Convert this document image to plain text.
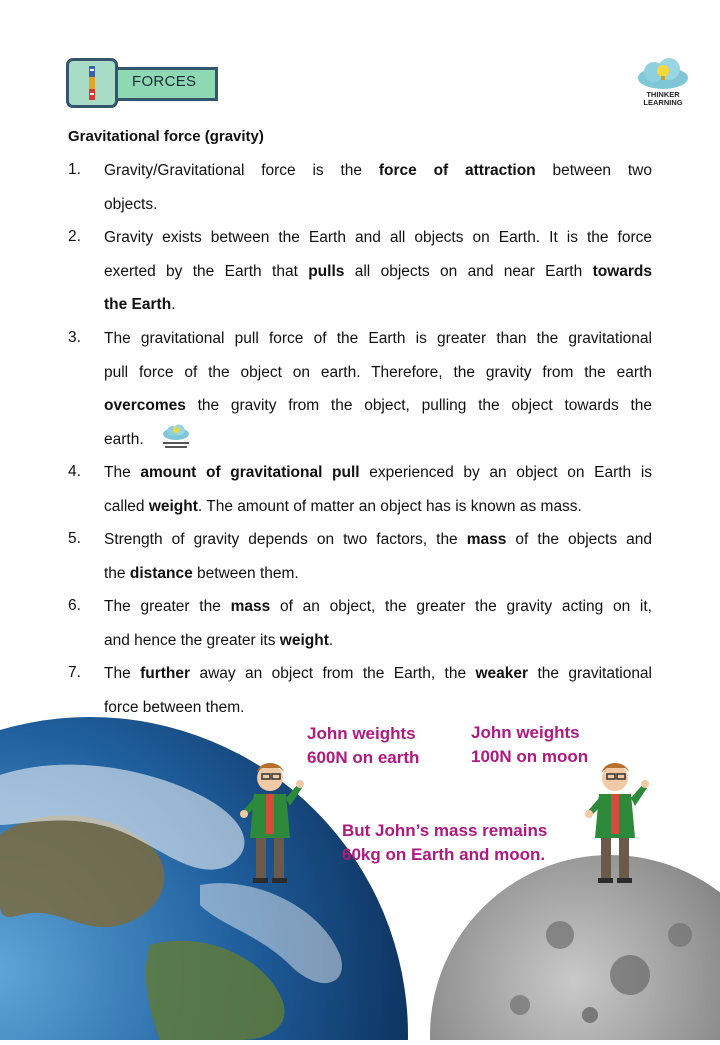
FORCES
THINKER
LEARNING
Gravitational force (gravity)
1. Gravity/Gravitational force is the force of attraction between two
objects.
2. Gravity exists between the Earth and all objects on Earth. It is the force
exerted by the Earth that pulls all objects on and near Earth towards
the Earth.
3. The gravitational pull force of the Earth is greater than the gravitational
pull force of the object on earth. Therefore, the gravity from the earth
overcomes the gravity from the object, pulling the object towards the
earth.
4. The amount of gravitational pull experienced by an object on Earth is
called weight. The amount of matter an object has is known as mass.
5. Strength of gravity depends on two factors, the mass of the objects and
the distance between them.
6. The greater the mass of an object, the greater the gravity acting on it,
and hence the greater its weight.
7. The further away an object from the Earth, the weaker the gravitational
force between them.
John weights
600N on earth
John weights
100N on moon
But John’s mass remains
60kg on Earth and moon.
